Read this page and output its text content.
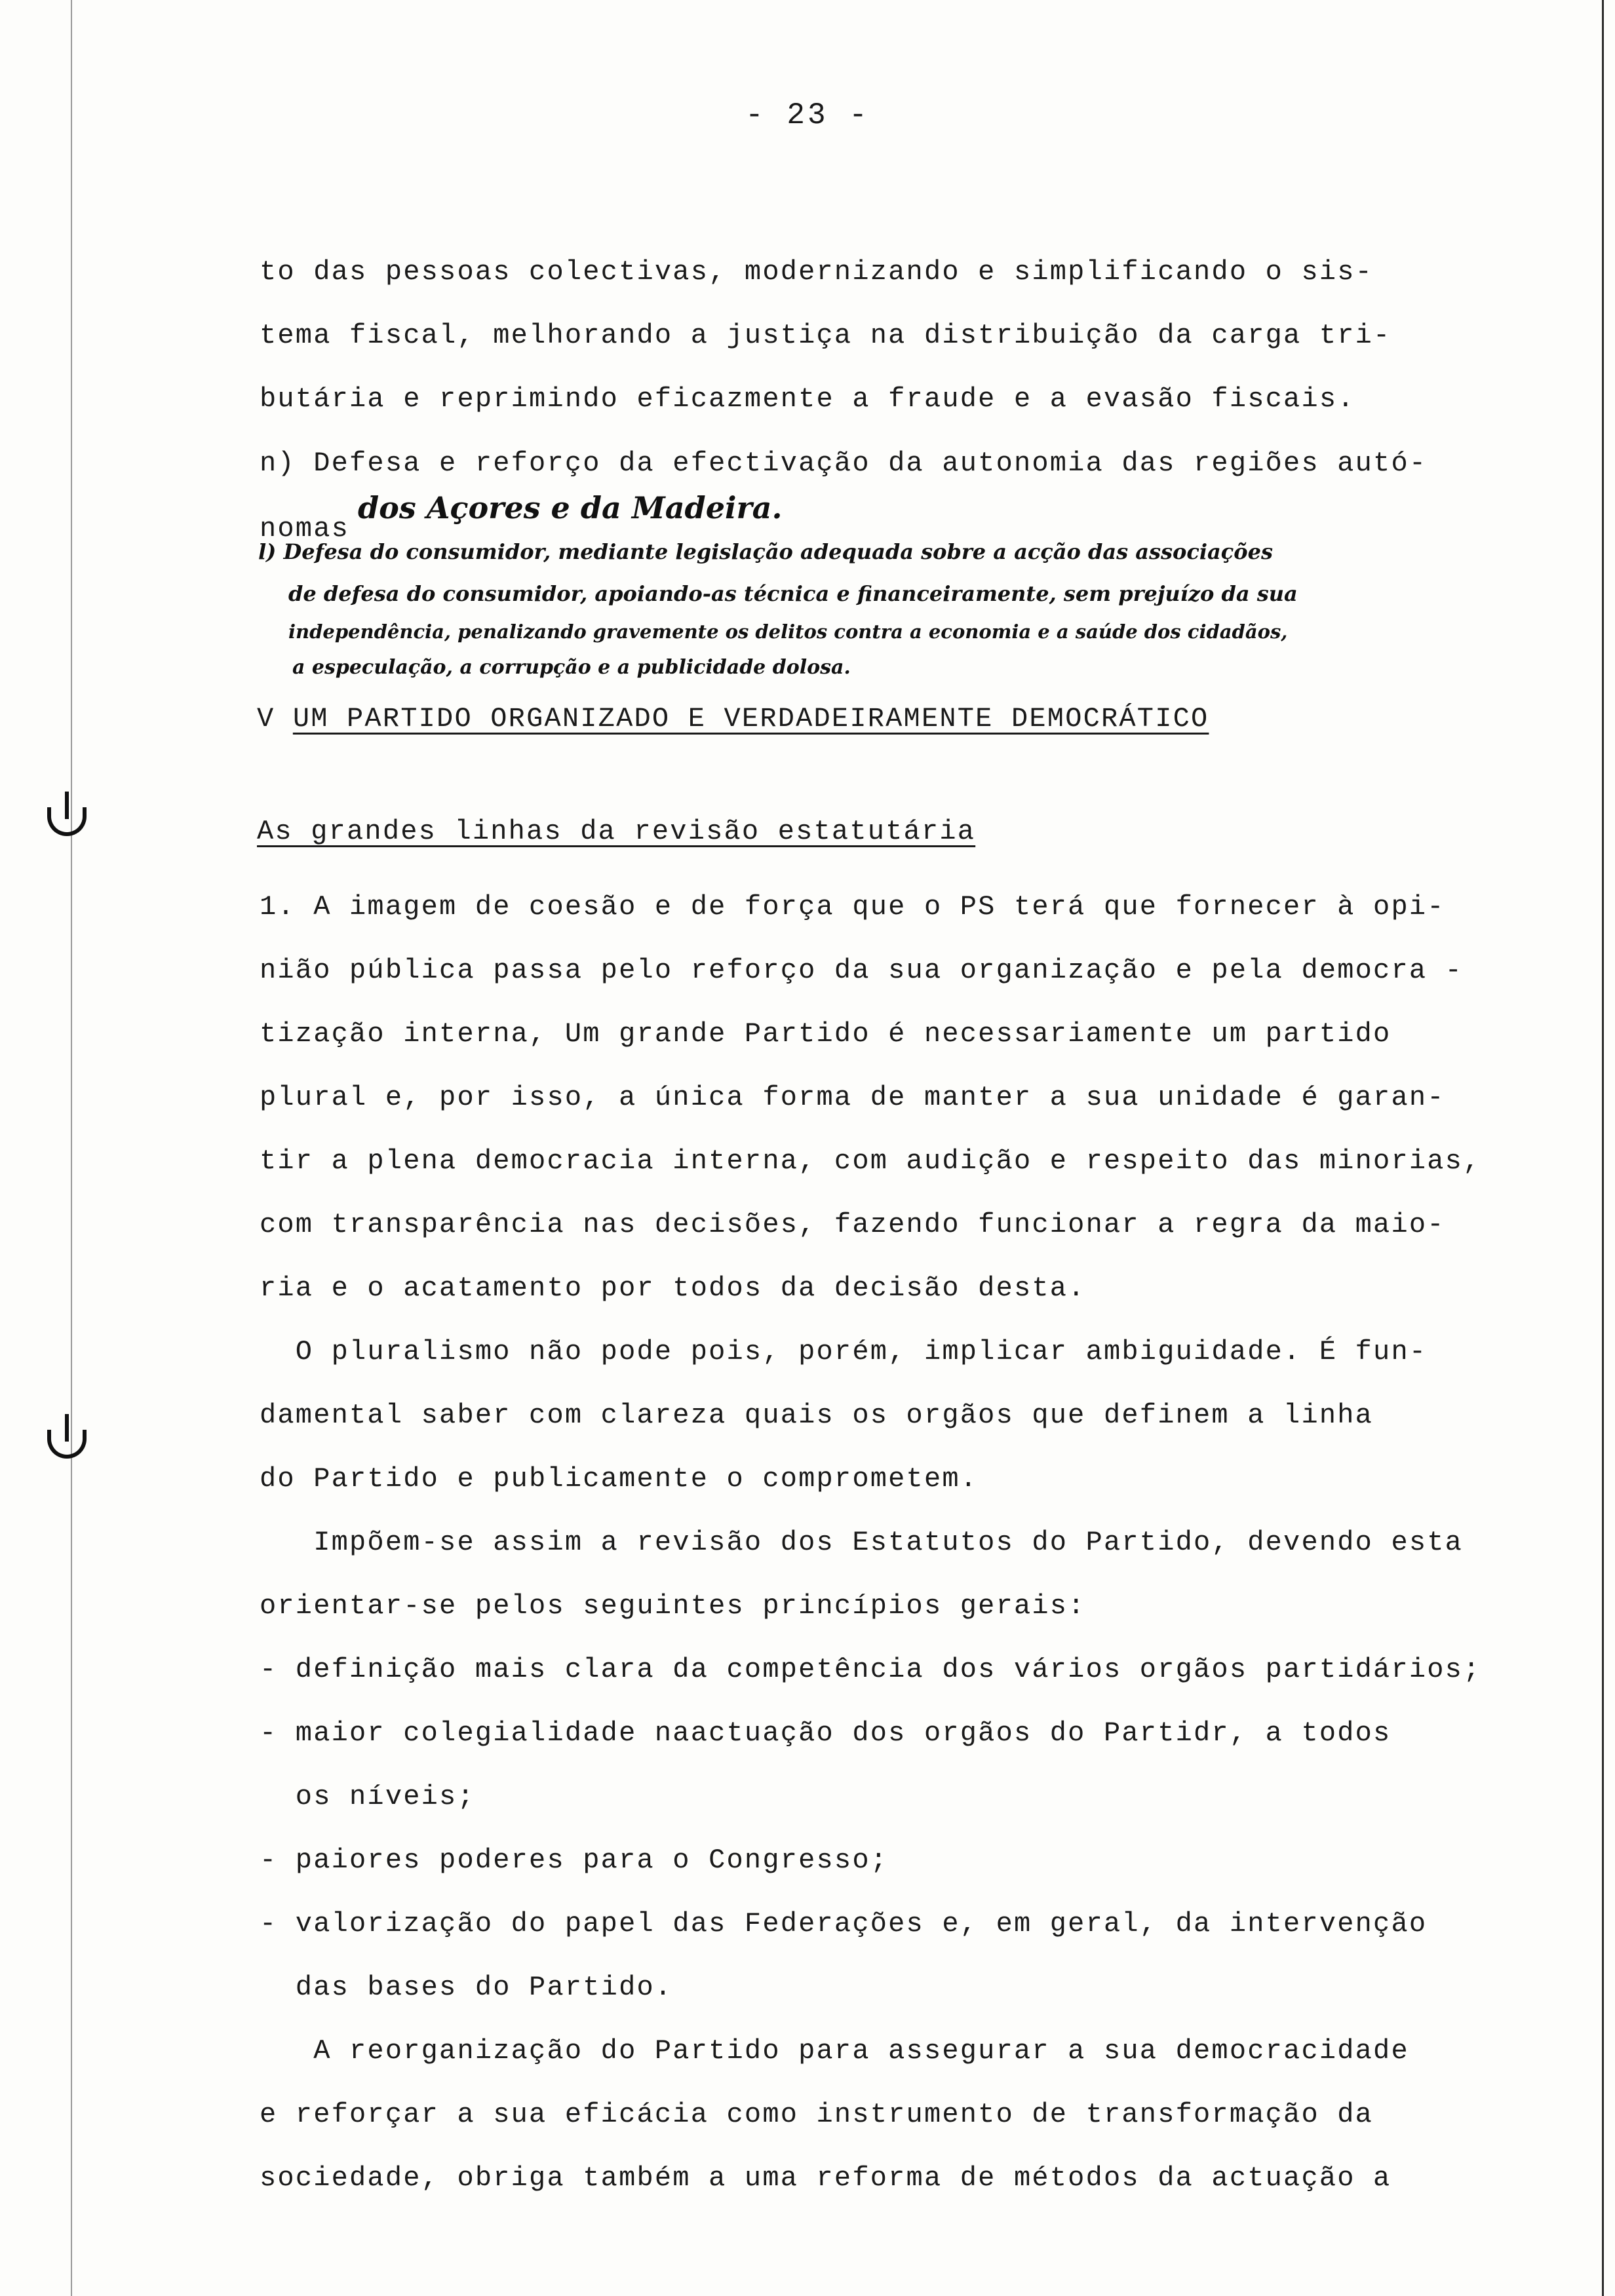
- 23 -
to das pessoas colectivas, modernizando e simplificando o sis-
tema fiscal, melhorando a justiça na distribuição da carga tri-
butária e reprimindo eficazmente a fraude e a evasão fiscais.
n) Defesa e reforço da efectivação da autonomia das regiões autó-
nomas
dos Açores e da Madeira.
l) Defesa do consumidor, mediante legislação adequada sobre a acção das associações
de defesa do consumidor, apoiando-as técnica e financeiramente, sem prejuízo da sua
independência, penalizando gravemente os delitos contra a economia e a saúde dos cidadãos,
a especulação, a corrupção e a publicidade dolosa.
V UM PARTIDO ORGANIZADO E VERDADEIRAMENTE DEMOCRÁTICO
As grandes linhas da revisão estatutária
1. A imagem de coesão e de força que o PS terá que fornecer à opi-
nião pública passa pelo reforço da sua organização e pela democra -
tização interna, Um grande Partido é necessariamente um partido
plural e, por isso, a única forma de manter a sua unidade é garan-
tir a plena democracia interna, com audição e respeito das minorias,
com transparência nas decisões, fazendo funcionar a regra da maio-
ria e o acatamento por todos da decisão desta.
O pluralismo não pode pois, porém, implicar ambiguidade. É fun-
damental saber com clareza quais os orgãos que definem a linha
do Partido e publicamente o comprometem.
Impõem-se assim a revisão dos Estatutos do Partido, devendo esta
orientar-se pelos seguintes princípios gerais:
- definição mais clara da competência dos vários orgãos partidários;
- maior colegialidade naactuação dos orgãos do Partidr, a todos
os níveis;
- paiores poderes para o Congresso;
- valorização do papel das Federações e, em geral, da intervenção
das bases do Partido.
A reorganização do Partido para assegurar a sua democracidade
e reforçar a sua eficácia como instrumento de transformação da
sociedade, obriga também a uma reforma de métodos da actuação a
